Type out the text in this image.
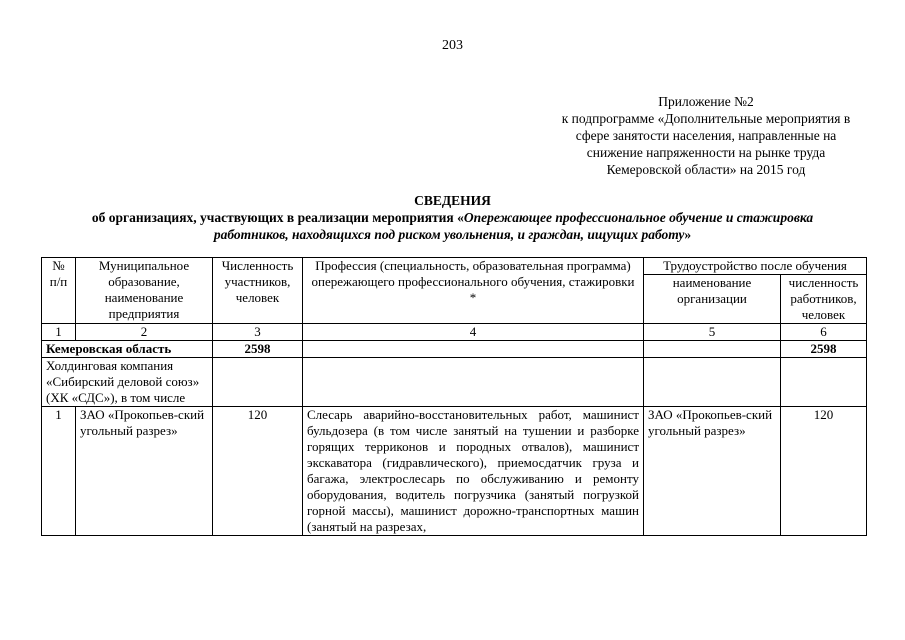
203
Приложение №2
к подпрограмме «Дополнительные мероприятия в
сфере занятости населения, направленные на
снижение напряженности на рынке труда
Кемеровской области» на 2015 год
СВЕДЕНИЯ
об организациях, участвующих в реализации мероприятия «Опережающее профессиональное обучение и стажировка
работников, находящихся под риском увольнения, и граждан, ищущих работу»
№ п/п	Муниципальное образование, наименование предприятия	Численность участников, человек	Профессия (специальность, образовательная программа) опережающего профессионального обучения, стажировки *	Трудоустройство после обучения	
				наименование организации	численность работников, человек
1	2	3	4	5	6
Кемеровская область		2598			2598
Холдинговая компания «Сибирский деловой союз» (ХК «СДС»), в том числе					
1	ЗАО «Прокопьев-ский угольный разрез»	120	Слесарь аварийно-восстановительных работ, машинист бульдозера (в том числе занятый на тушении и разборке горящих терриконов и породных отвалов), машинист экскаватора (гидравлического), приемосдатчик груза и багажа, электрослесарь по обслуживанию и ремонту оборудования, водитель погрузчика (занятый погрузкой горной массы), машинист дорожно-транспортных машин (занятый на разрезах,	ЗАО «Прокопьев-ский угольный разрез»	120
